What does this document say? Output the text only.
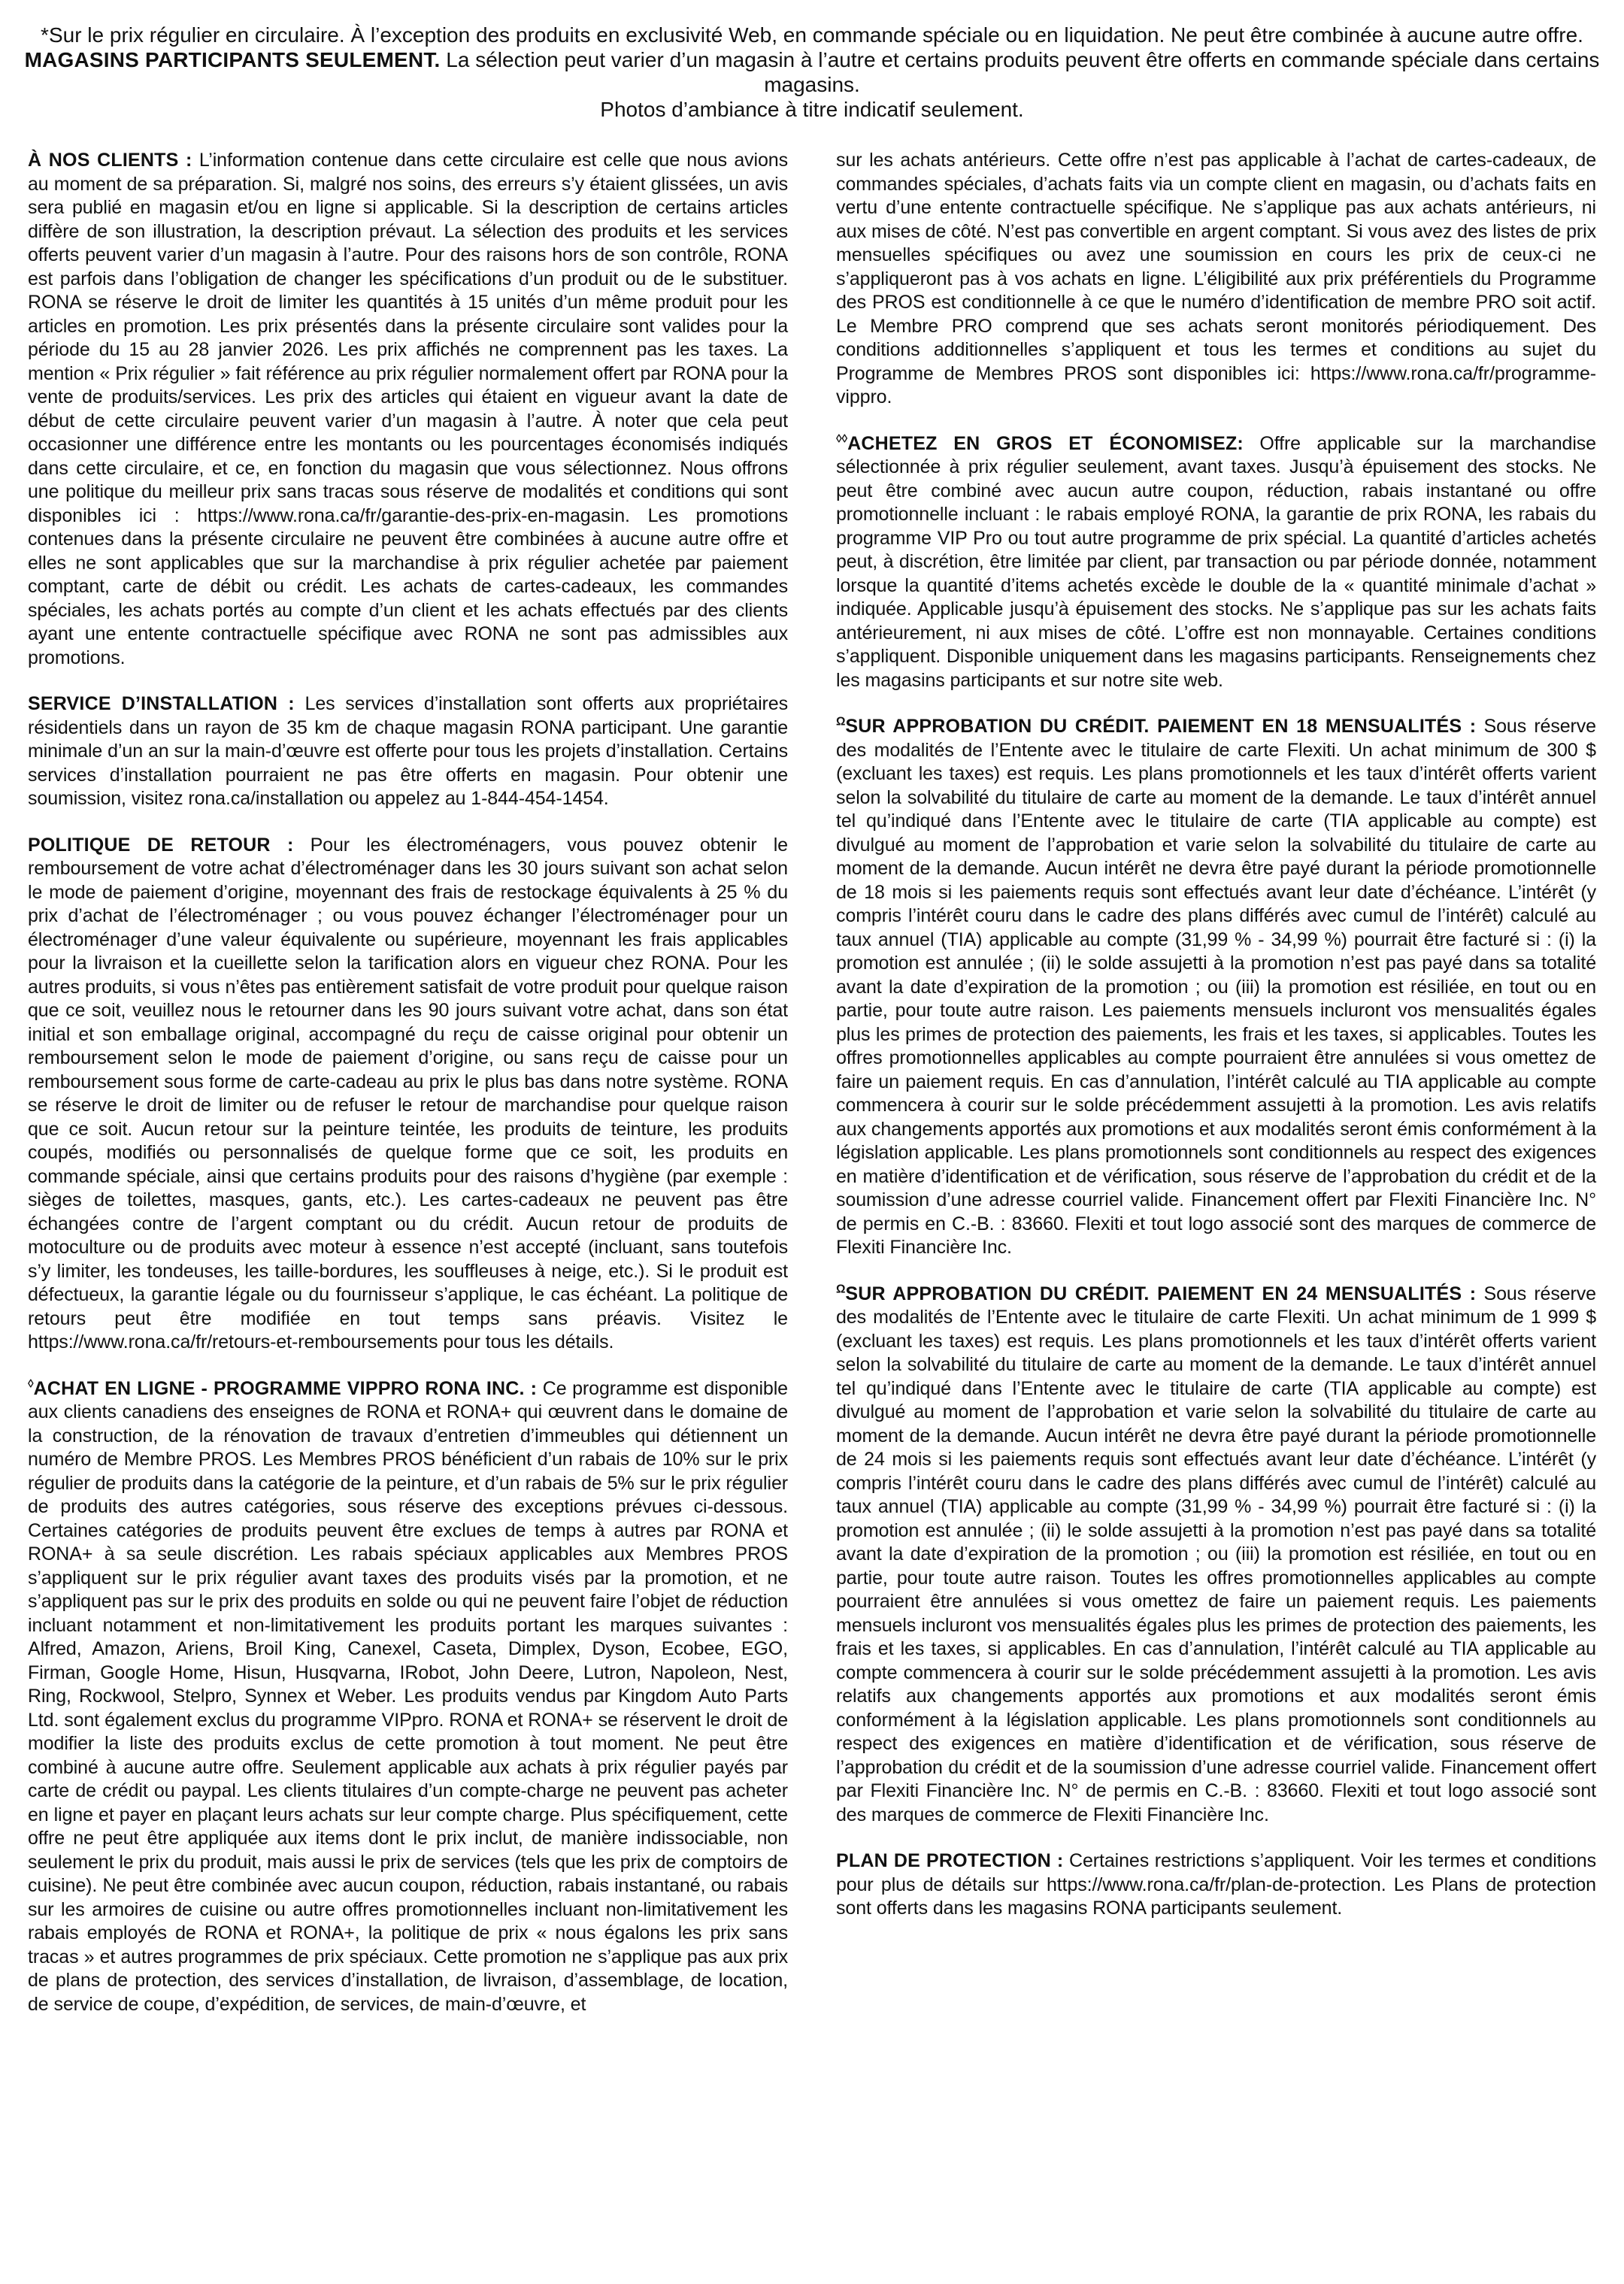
*Sur le prix régulier en circulaire. À l’exception des produits en exclusivité Web, en commande spéciale ou en liquidation. Ne peut être combinée à aucune autre offre.

MAGASINS PARTICIPANTS SEULEMENT. La sélection peut varier d’un magasin à l’autre et certains produits peuvent être offerts en commande spéciale dans certains magasins.

Photos d’ambiance à titre indicatif seulement.

À NOS CLIENTS : L’information contenue dans cette circulaire est celle que nous avions au moment de sa préparation. Si, malgré nos soins, des erreurs s’y étaient glissées, un avis sera publié en magasin et/ou en ligne si applicable. Si la description de certains articles diffère de son illustration, la description prévaut. La sélection des produits et les services offerts peuvent varier d’un magasin à l’autre. Pour des raisons hors de son contrôle, RONA est parfois dans l’obligation de changer les spécifications d’un produit ou de le substituer. RONA se réserve le droit de limiter les quantités à 15 unités d’un même produit pour les articles en promotion. Les prix présentés dans la présente circulaire sont valides pour la période du 15 au 28 janvier 2026. Les prix affichés ne comprennent pas les taxes. La mention « Prix régulier » fait référence au prix régulier normalement offert par RONA pour la vente de produits/services. Les prix des articles qui étaient en vigueur avant la date de début de cette circulaire peuvent varier d’un magasin à l’autre. À noter que cela peut occasionner une différence entre les montants ou les pourcentages économisés indiqués dans cette circulaire, et ce, en fonction du magasin que vous sélectionnez. Nous offrons une politique du meilleur prix sans tracas sous réserve de modalités et conditions qui sont disponibles ici : https://www.rona.ca/fr/garantie-des-prix-en-magasin. Les promotions contenues dans la présente circulaire ne peuvent être combinées à aucune autre offre et elles ne sont applicables que sur la marchandise à prix régulier achetée par paiement comptant, carte de débit ou crédit. Les achats de cartes-cadeaux, les commandes spéciales, les achats portés au compte d’un client et les achats effectués par des clients ayant une entente contractuelle spécifique avec RONA ne sont pas admissibles aux promotions.

SERVICE D’INSTALLATION : Les services d’installation sont offerts aux propriétaires résidentiels dans un rayon de 35 km de chaque magasin RONA participant. Une garantie minimale d’un an sur la main-d’œuvre est offerte pour tous les projets d’installation. Certains services d’installation pourraient ne pas être offerts en magasin. Pour obtenir une soumission, visitez rona.ca/installation ou appelez au 1-844-454-1454.

POLITIQUE DE RETOUR : Pour les électroménagers, vous pouvez obtenir le remboursement de votre achat d’électroménager dans les 30 jours suivant son achat selon le mode de paiement d’origine, moyennant des frais de restockage équivalents à 25 % du prix d’achat de l’électroménager ; ou vous pouvez échanger l’électroménager pour un électroménager d’une valeur équivalente ou supérieure, moyennant les frais applicables pour la livraison et la cueillette selon la tarification alors en vigueur chez RONA. Pour les autres produits, si vous n’êtes pas entièrement satisfait de votre produit pour quelque raison que ce soit, veuillez nous le retourner dans les 90 jours suivant votre achat, dans son état initial et son emballage original, accompagné du reçu de caisse original pour obtenir un remboursement selon le mode de paiement d’origine, ou sans reçu de caisse pour un remboursement sous forme de carte-cadeau au prix le plus bas dans notre système. RONA se réserve le droit de limiter ou de refuser le retour de marchandise pour quelque raison que ce soit. Aucun retour sur la peinture teintée, les produits de teinture, les produits coupés, modifiés ou personnalisés de quelque forme que ce soit, les produits en commande spéciale, ainsi que certains produits pour des raisons d’hygiène (par exemple : sièges de toilettes, masques, gants, etc.). Les cartes-cadeaux ne peuvent pas être échangées contre de l’argent comptant ou du crédit. Aucun retour de produits de motoculture ou de produits avec moteur à essence n’est accepté (incluant, sans toutefois s’y limiter, les tondeuses, les taille-bordures, les souffleuses à neige, etc.). Si le produit est défectueux, la garantie légale ou du fournisseur s’applique, le cas échéant. La politique de retours peut être modifiée en tout temps sans préavis. Visitez le https://www.rona.ca/fr/retours-et-remboursements pour tous les détails.

◊ACHAT EN LIGNE - PROGRAMME VIPPRO RONA INC. : Ce programme est disponible aux clients canadiens des enseignes de RONA et RONA+ qui œuvrent dans le domaine de la construction, de la rénovation de travaux d’entretien d’immeubles qui détiennent un numéro de Membre PROS. Les Membres PROS bénéficient d’un rabais de 10% sur le prix régulier de produits dans la catégorie de la peinture, et d’un rabais de 5% sur le prix régulier de produits des autres catégories, sous réserve des exceptions prévues ci-dessous. Certaines catégories de produits peuvent être exclues de temps à autres par RONA et RONA+ à sa seule discrétion. Les rabais spéciaux applicables aux Membres PROS s’appliquent sur le prix régulier avant taxes des produits visés par la promotion, et ne s’appliquent pas sur le prix des produits en solde ou qui ne peuvent faire l’objet de réduction incluant notamment et non-limitativement les produits portant les marques suivantes : Alfred, Amazon, Ariens, Broil King, Canexel, Caseta, Dimplex, Dyson, Ecobee, EGO, Firman, Google Home, Hisun, Husqvarna, IRobot, John Deere, Lutron, Napoleon, Nest, Ring, Rockwool, Stelpro, Synnex et Weber. Les produits vendus par Kingdom Auto Parts Ltd. sont également exclus du programme VIPpro. RONA et RONA+ se réservent le droit de modifier la liste des produits exclus de cette promotion à tout moment. Ne peut être combiné à aucune autre offre. Seulement applicable aux achats à prix régulier payés par carte de crédit ou paypal. Les clients titulaires d’un compte-charge ne peuvent pas acheter en ligne et payer en plaçant leurs achats sur leur compte charge. Plus spécifiquement, cette offre ne peut être appliquée aux items dont le prix inclut, de manière indissociable, non seulement le prix du produit, mais aussi le prix de services (tels que les prix de comptoirs de cuisine). Ne peut être combinée avec aucun coupon, réduction, rabais instantané, ou rabais sur les armoires de cuisine ou autre offres promotionnelles incluant non-limitativement les rabais employés de RONA et RONA+, la politique de prix « nous égalons les prix sans tracas » et autres programmes de prix spéciaux. Cette promotion ne s’applique pas aux prix de plans de protection, des services d’installation, de livraison, d’assemblage, de location, de service de coupe, d’expédition, de services, de main-d’œuvre, et

sur les achats antérieurs. Cette offre n’est pas applicable à l’achat de cartes-cadeaux, de commandes spéciales, d’achats faits via un compte client en magasin, ou d’achats faits en vertu d’une entente contractuelle spécifique. Ne s’applique pas aux achats antérieurs, ni aux mises de côté. N’est pas convertible en argent comptant. Si vous avez des listes de prix mensuelles spécifiques ou avez une soumission en cours les prix de ceux-ci ne s’appliqueront pas à vos achats en ligne. L’éligibilité aux prix préférentiels du Programme des PROS est conditionnelle à ce que le numéro d’identification de membre PRO soit actif. Le Membre PRO comprend que ses achats seront monitorés périodiquement. Des conditions additionnelles s’appliquent et tous les termes et conditions au sujet du Programme de Membres PROS sont disponibles ici: https://www.rona.ca/fr/programme-vippro.

◊◊ACHETEZ EN GROS ET ÉCONOMISEZ: Offre applicable sur la marchandise sélectionnée à prix régulier seulement, avant taxes. Jusqu’à épuisement des stocks. Ne peut être combiné avec aucun autre coupon, réduction, rabais instantané ou offre promotionnelle incluant : le rabais employé RONA, la garantie de prix RONA, les rabais du programme VIP Pro ou tout autre programme de prix spécial. La quantité d’articles achetés peut, à discrétion, être limitée par client, par transaction ou par période donnée, notamment lorsque la quantité d’items achetés excède le double de la « quantité minimale d’achat » indiquée. Applicable jusqu’à épuisement des stocks. Ne s’applique pas sur les achats faits antérieurement, ni aux mises de côté. L’offre est non monnayable. Certaines conditions s’appliquent. Disponible uniquement dans les magasins participants. Renseignements chez les magasins participants et sur notre site web.

$^\Omega$SUR APPROBATION DU CRÉDIT. PAIEMENT EN 18 MENSUALITÉS : Sous réserve des modalités de l’Entente avec le titulaire de carte Flexiti. Un achat minimum de 300 $ (excluant les taxes) est requis. Les plans promotionnels et les taux d’intérêt offerts varient selon la solvabilité du titulaire de carte au moment de la demande. Le taux d’intérêt annuel tel qu’indiqué dans l’Entente avec le titulaire de carte (TIA applicable au compte) est divulgué au moment de l’approbation et varie selon la solvabilité du titulaire de carte au moment de la demande. Aucun intérêt ne devra être payé durant la période promotionnelle de 18 mois si les paiements requis sont effectués avant leur date d’échéance. L’intérêt (y compris l’intérêt couru dans le cadre des plans différés avec cumul de l’intérêt) calculé au taux annuel (TIA) applicable au compte (31,99 % - 34,99 %) pourrait être facturé si : (i) la promotion est annulée ; (ii) le solde assujetti à la promotion n’est pas payé dans sa totalité avant la date d’expiration de la promotion ; ou (iii) la promotion est résiliée, en tout ou en partie, pour toute autre raison. Les paiements mensuels incluront vos mensualités égales plus les primes de protection des paiements, les frais et les taxes, si applicables. Toutes les offres promotionnelles applicables au compte pourraient être annulées si vous omettez de faire un paiement requis. En cas d’annulation, l’intérêt calculé au TIA applicable au compte commencera à courir sur le solde précédemment assujetti à la promotion. Les avis relatifs aux changements apportés aux promotions et aux modalités seront émis conformément à la législation applicable. Les plans promotionnels sont conditionnels au respect des exigences en matière d’identification et de vérification, sous réserve de l’approbation du crédit et de la soumission d’une adresse courriel valide. Financement offert par Flexiti Financière Inc. N° de permis en C.-B. : 83660. Flexiti et tout logo associé sont des marques de commerce de Flexiti Financière Inc.

$^\Omega$SUR APPROBATION DU CRÉDIT. PAIEMENT EN 24 MENSUALITÉS : Sous réserve des modalités de l’Entente avec le titulaire de carte Flexiti. Un achat minimum de 1 999 $ (excluant les taxes) est requis. Les plans promotionnels et les taux d’intérêt offerts varient selon la solvabilité du titulaire de carte au moment de la demande. Le taux d’intérêt annuel tel qu’indiqué dans l’Entente avec le titulaire de carte (TIA applicable au compte) est divulgué au moment de l’approbation et varie selon la solvabilité du titulaire de carte au moment de la demande. Aucun intérêt ne devra être payé durant la période promotionnelle de 24 mois si les paiements requis sont effectués avant leur date d’échéance. L’intérêt (y compris l’intérêt couru dans le cadre des plans différés avec cumul de l’intérêt) calculé au taux annuel (TIA) applicable au compte (31,99 % - 34,99 %) pourrait être facturé si : (i) la promotion est annulée ; (ii) le solde assujetti à la promotion n’est pas payé dans sa totalité avant la date d’expiration de la promotion ; ou (iii) la promotion est résiliée, en tout ou en partie, pour toute autre raison. Toutes les offres promotionnelles applicables au compte pourraient être annulées si vous omettez de faire un paiement requis. Les paiements mensuels incluront vos mensualités égales plus les primes de protection des paiements, les frais et les taxes, si applicables. En cas d’annulation, l’intérêt calculé au TIA applicable au compte commencera à courir sur le solde précédemment assujetti à la promotion. Les avis relatifs aux changements apportés aux promotions et aux modalités seront émis conformément à la législation applicable. Les plans promotionnels sont conditionnels au respect des exigences en matière d’identification et de vérification, sous réserve de l’approbation du crédit et de la soumission d’une adresse courriel valide. Financement offert par Flexiti Financière Inc. N° de permis en C.-B. : 83660. Flexiti et tout logo associé sont des marques de commerce de Flexiti Financière Inc.

PLAN DE PROTECTION : Certaines restrictions s’appliquent. Voir les termes et conditions pour plus de détails sur https://www.rona.ca/fr/plan-de-protection. Les Plans de protection sont offerts dans les magasins RONA participants seulement.
